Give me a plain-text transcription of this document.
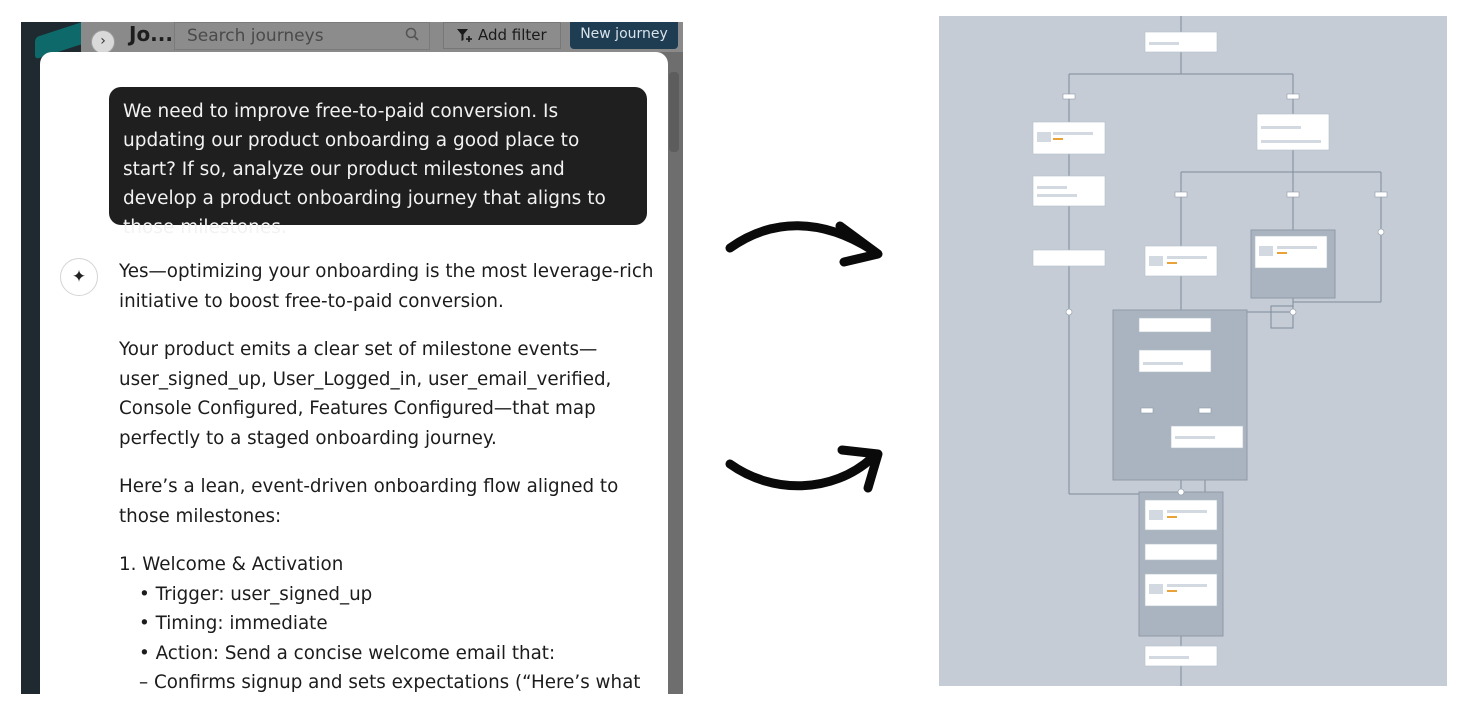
›	Jo...
Search journeys	Add filter	New journey
We need to improve free-to-paid conversion. Is updating our product onboarding a good place to start? If so, analyze our product milestones and develop a product onboarding journey that aligns to those milestones.
✦	Yes—optimizing your onboarding is the most leverage-rich initiative to boost free-to-paid conversion.

Your product emits a clear set of milestone events—user_signed_up, User_Logged_in, user_email_verified, Console Configured, Features Configured—that map perfectly to a staged onboarding journey.

Here’s a lean, event-driven onboarding flow aligned to those milestones:

1. Welcome & Activation
• Trigger: user_signed_up
• Timing: immediate
• Action: Send a concise welcome email that:
– Confirms signup and sets expectations (“Here’s what
